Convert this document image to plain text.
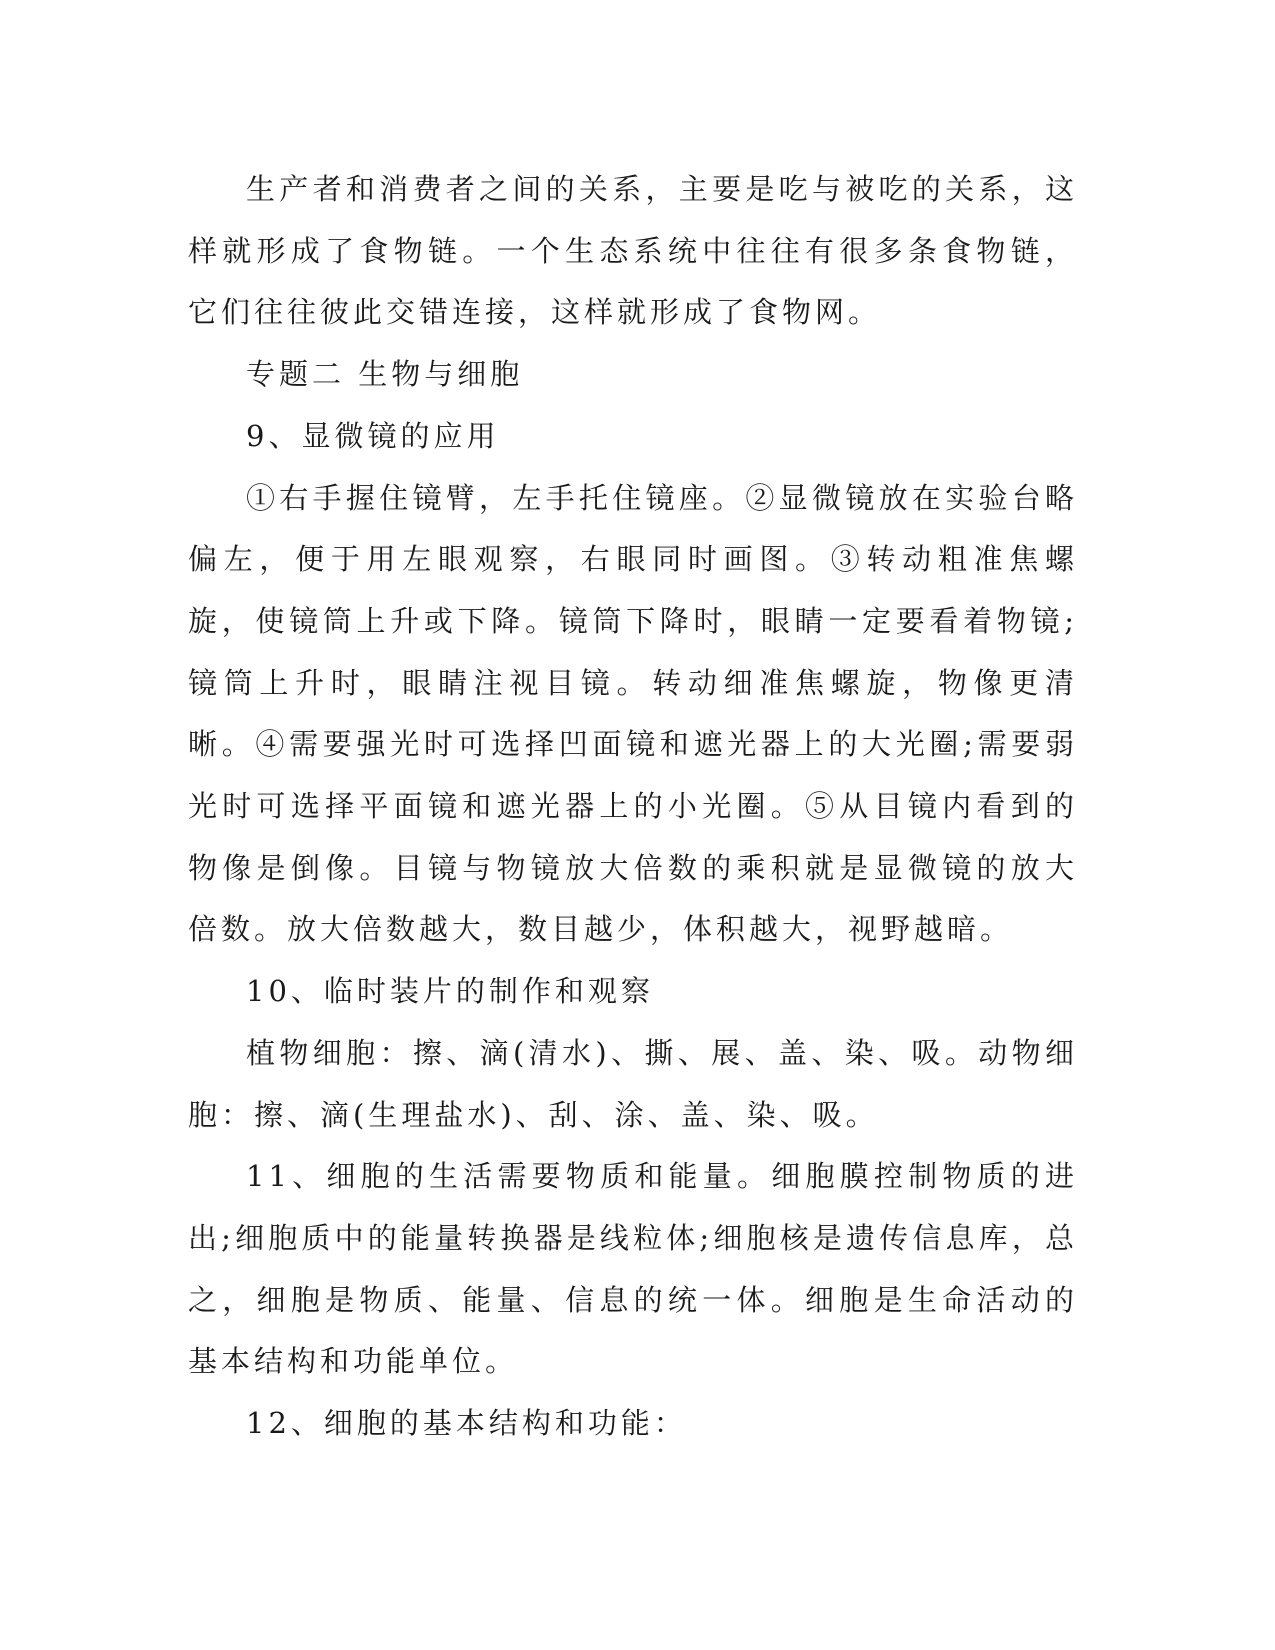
生产者和消费者之间的关系，主要是吃与被吃的关系，这样就形成了食物链。一个生态系统中往往有很多条食物链，它们往往彼此交错连接，这样就形成了食物网。

专题二 生物与细胞

9、显微镜的应用

①右手握住镜臂，左手托住镜座。②显微镜放在实验台略偏左，便于用左眼观察，右眼同时画图。③转动粗准焦螺旋，使镜筒上升或下降。镜筒下降时，眼睛一定要看着物镜;镜筒上升时，眼睛注视目镜。转动细准焦螺旋，物像更清晰。④需要强光时可选择凹面镜和遮光器上的大光圈;需要弱光时可选择平面镜和遮光器上的小光圈。⑤从目镜内看到的物像是倒像。目镜与物镜放大倍数的乘积就是显微镜的放大倍数。放大倍数越大，数目越少，体积越大，视野越暗。

10、临时装片的制作和观察

植物细胞：擦、滴(清水)、撕、展、盖、染、吸。动物细胞：擦、滴(生理盐水)、刮、涂、盖、染、吸。

11、细胞的生活需要物质和能量。细胞膜控制物质的进出;细胞质中的能量转换器是线粒体;细胞核是遗传信息库，总之，细胞是物质、能量、信息的统一体。细胞是生命活动的基本结构和功能单位。

12、细胞的基本结构和功能：
